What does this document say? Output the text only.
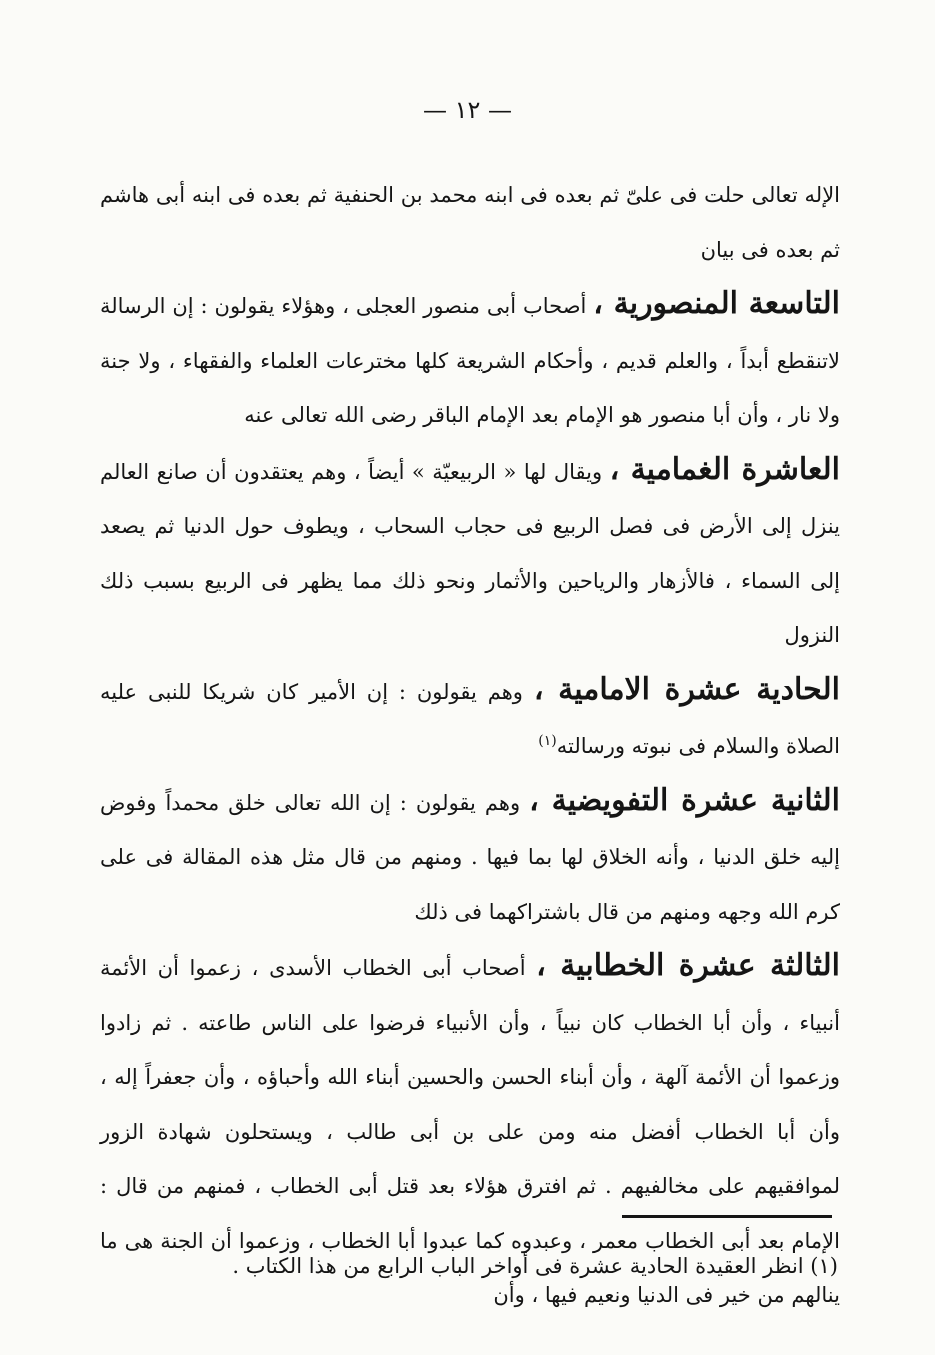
— ١٢ —

الإله تعالى حلت فى علىّ ثم بعده فى ابنه محمد بن الحنفية ثم بعده فى ابنه أبى هاشم ثم بعده فى بيان

التاسعة المنصورية ، أصحاب أبى منصور العجلى ، وهؤلاء يقولون : إن الرسالة لاتنقطع أبداً ، والعلم قديم ، وأحكام الشريعة كلها مخترعات العلماء والفقهاء ، ولا جنة ولا نار ، وأن أبا منصور هو الإمام بعد الإمام الباقر رضى الله تعالى عنه

العاشرة الغمامية ، ويقال لها « الربيعيّة » أيضاً ، وهم يعتقدون أن صانع العالم ينزل إلى الأرض فى فصل الربيع فى حجاب السحاب ، ويطوف حول الدنيا ثم يصعد إلى السماء ، فالأزهار والرياحين والأثمار ونحو ذلك مما يظهر فى الربيع بسبب ذلك النزول

الحادية عشرة الامامية ، وهم يقولون : إن الأمير كان شريكا للنبى عليه الصلاة والسلام فى نبوته ورسالته$^{(١)}$

الثانية عشرة التفويضية ، وهم يقولون : إن الله تعالى خلق محمداً وفوض إليه خلق الدنيا ، وأنه الخلاق لها بما فيها . ومنهم من قال مثل هذه المقالة فى على كرم الله وجهه ومنهم من قال باشتراكهما فى ذلك

الثالثة عشرة الخطابية ، أصحاب أبى الخطاب الأسدى ، زعموا أن الأئمة أنبياء ، وأن أبا الخطاب كان نبياً ، وأن الأنبياء فرضوا على الناس طاعته . ثم زادوا وزعموا أن الأئمة آلهة ، وأن أبناء الحسن والحسين أبناء الله وأحباؤه ، وأن جعفراً إله ، وأن أبا الخطاب أفضل منه ومن على بن أبى طالب ، ويستحلون شهادة الزور لموافقيهم على مخالفيهم . ثم افترق هؤلاء بعد قتل أبى الخطاب ، فمنهم من قال : الإمام بعد أبى الخطاب معمر ، وعبدوه كما عبدوا أبا الخطاب ، وزعموا أن الجنة هى ما ينالهم من خير فى الدنيا ونعيم فيها ، وأن

(١) انظر العقيدة الحادية عشرة فى أواخر الباب الرابع من هذا الكتاب .
